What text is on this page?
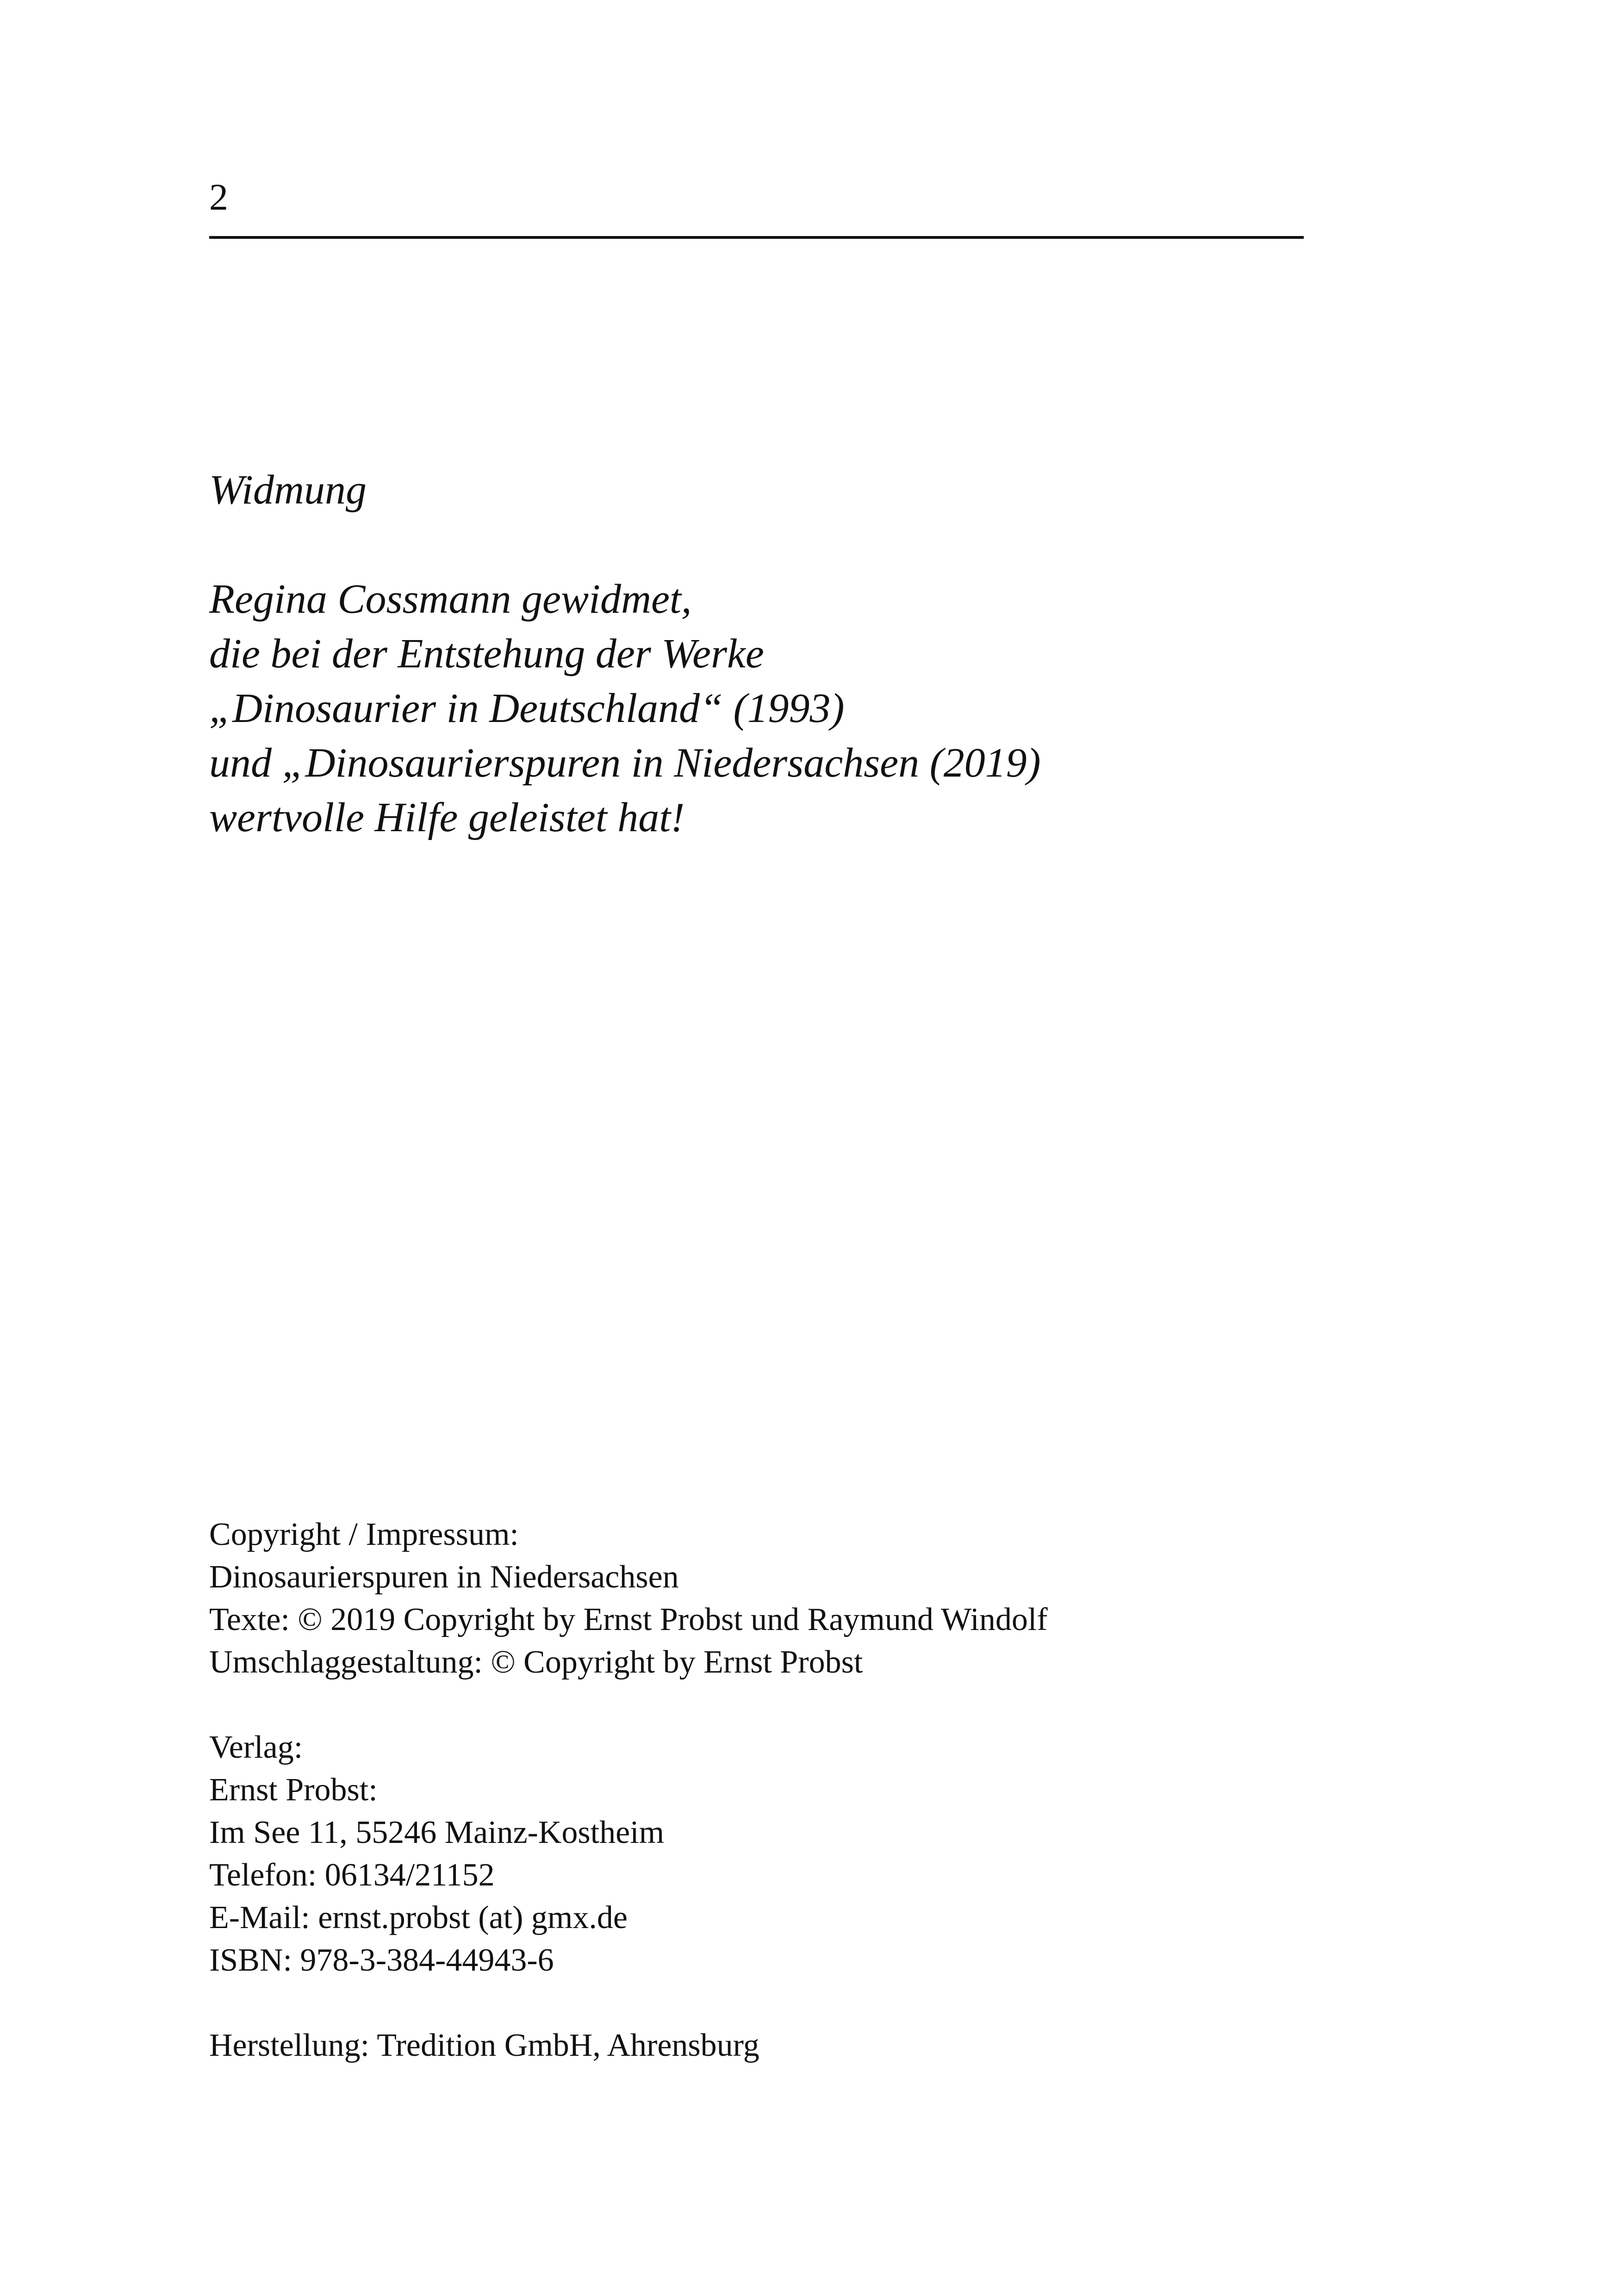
2
Widmung
Regina Cossmann gewidmet,
die bei der Entstehung der Werke
„Dinosaurier in Deutschland“ (1993)
und „Dinosaurierspuren in Niedersachsen (2019)
wertvolle Hilfe geleistet hat!
Copyright / Impressum:
Dinosaurierspuren in Niedersachsen
Texte: © 2019 Copyright by Ernst Probst und Raymund Windolf
Umschlaggestaltung: © Copyright by Ernst Probst
Verlag:
Ernst Probst:
Im See 11, 55246 Mainz-Kostheim
Telefon: 06134/21152
E-Mail: ernst.probst (at) gmx.de
ISBN: 978-3-384-44943-6
Herstellung: Tredition GmbH, Ahrensburg
